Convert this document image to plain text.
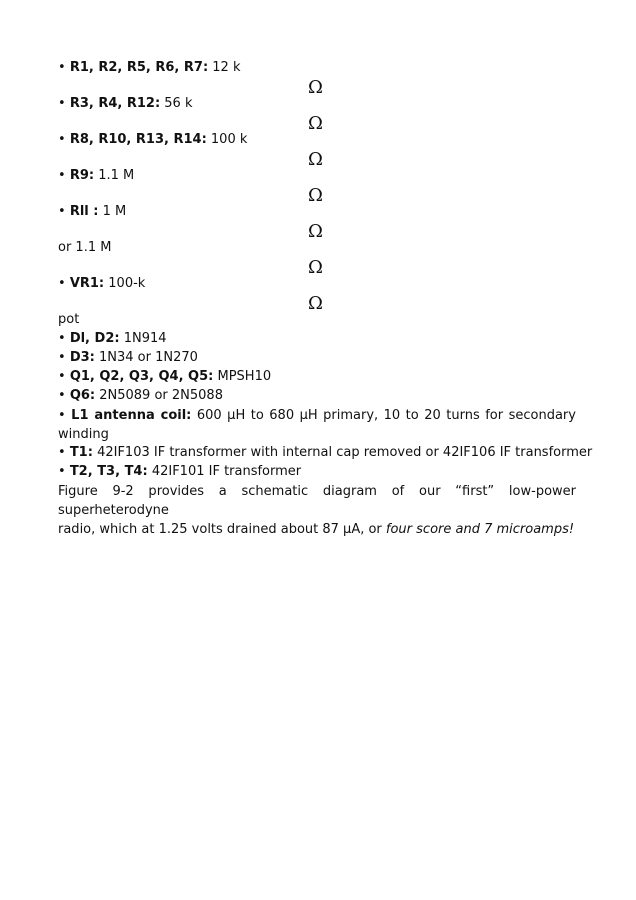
• R1, R2, R5, R6, R7: 12 k
• R3, R4, R12: 56 k
• R8, R10, R13, R14: 100 k
• R9: 1.1 M
• Rll : 1 M
or 1.1 M
• VR1: 100-k
pot
Ω
Ω
Ω
Ω
Ω
Ω
Ω
• Dl, D2: 1N914
• D3: 1N34 or 1N270
• Q1, Q2, Q3, Q4, Q5: MPSH10
• Q6: 2N5089 or 2N5088
• L1 antenna coil: 600 μH to 680 μH primary, 10 to 20 turns for secondary
winding
• T1: 42IF103 IF transformer with internal cap removed or 42IF106 IF transformer
• T2, T3, T4: 42IF101 IF transformer
Figure 9-2 provides a schematic diagram of our “first” low-power superheterodyne
radio, which at 1.25 volts drained about 87 μA, or four score and 7 microamps!
